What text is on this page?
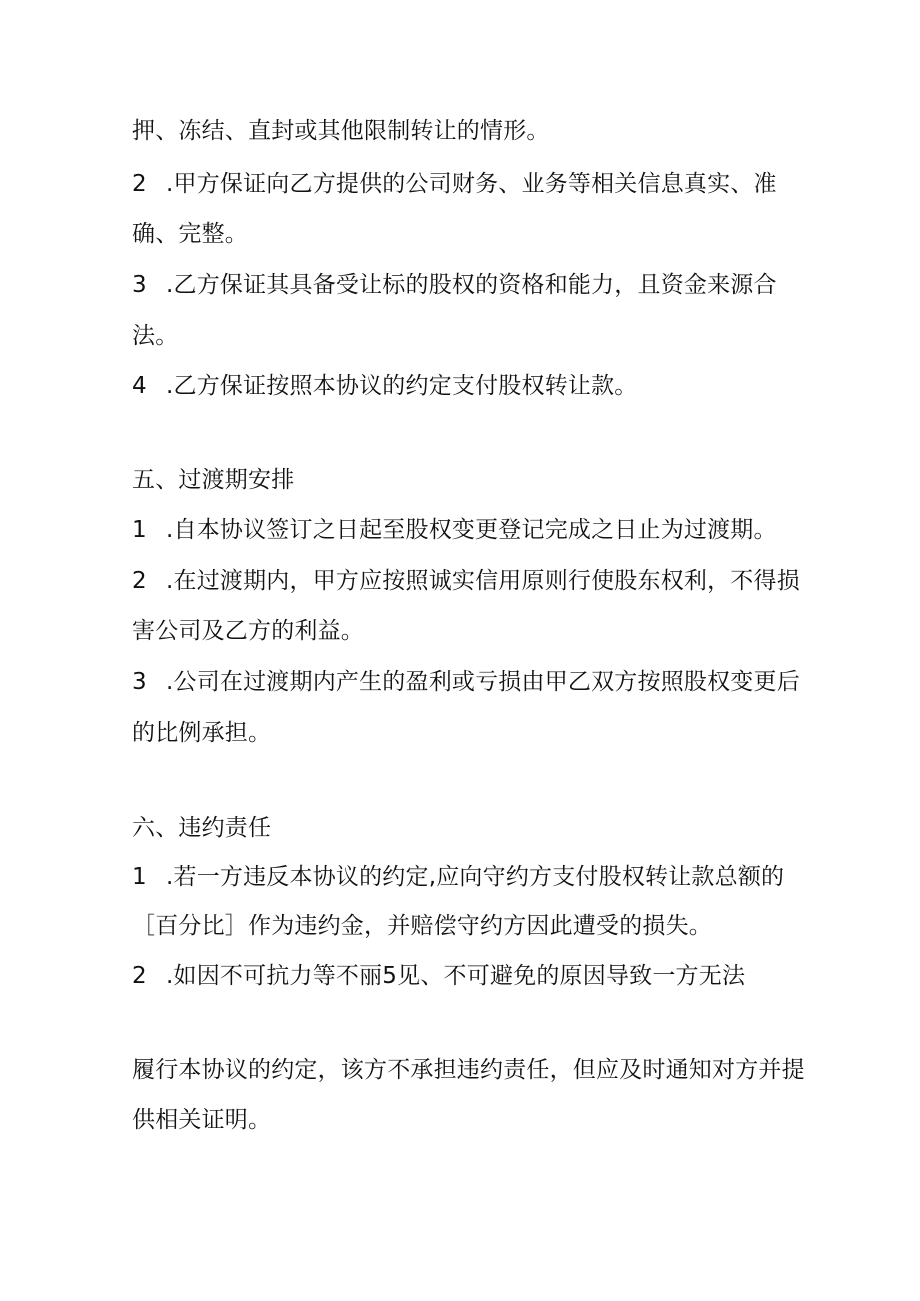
押、冻结、直封或其他限制转让的情形。
2 .甲方保证向乙方提供的公司财务、业务等相关信息真实、准
确、完整。
3 .乙方保证其具备受让标的股权的资格和能力，且资金来源合
法。
4 .乙方保证按照本协议的约定支付股权转让款。
五、过渡期安排
1 .自本协议签订之日起至股权变更登记完成之日止为过渡期。
2 .在过渡期内，甲方应按照诚实信用原则行使股东权利，不得损
害公司及乙方的利益。
3 .公司在过渡期内产生的盈利或亏损由甲乙双方按照股权变更后
的比例承担。
六、违约责任
1 .若一方违反本协议的约定,应向守约方支付股权转让款总额的
［百分比］作为违约金，并赔偿守约方因此遭受的损失。
2 .如因不可抗力等不丽5见、不可避免的原因导致一方无法
履行本协议的约定，该方不承担违约责任，但应及时通知对方并提
供相关证明。
